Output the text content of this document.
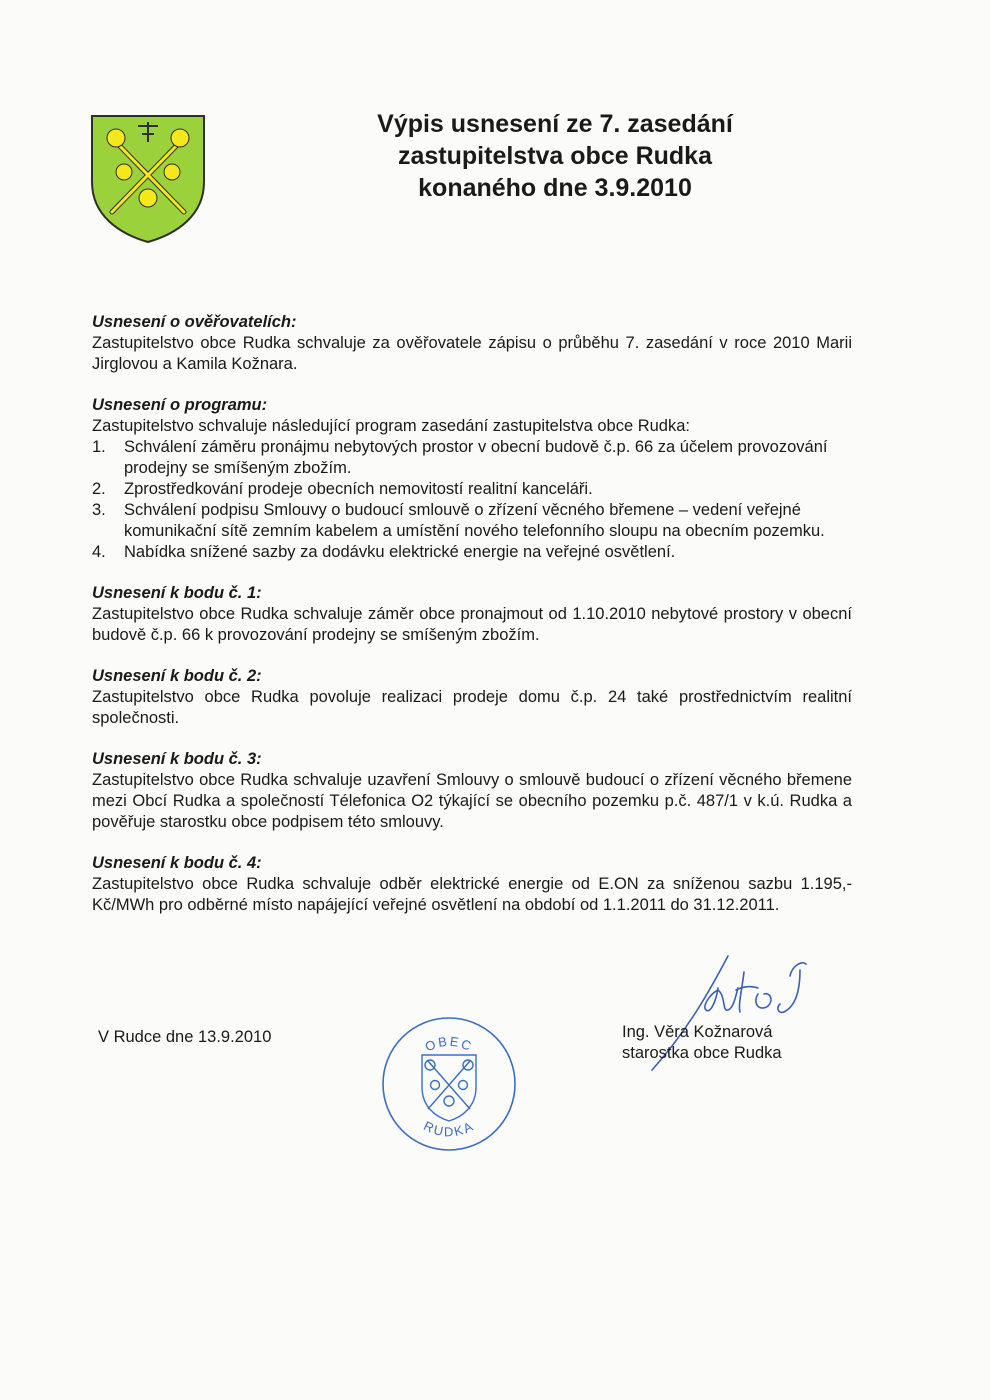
Výpis usnesení ze 7. zasedání
zastupitelstva obce Rudka
konaného dne 3.9.2010
Usnesení o ověřovatelích:

Zastupitelstvo obce Rudka schvaluje za ověřovatele zápisu o průběhu 7. zasedání v roce 2010 Marii Jirglovou a Kamila Kožnara.

Usnesení o programu:

Zastupitelstvo schvaluje následující program zasedání zastupitelstva obce Rudka:

1.	Schválení záměru pronájmu nebytových prostor v obecní budově č.p. 66 za účelem provozování prodejny se smíšeným zbožím.
2.	Zprostředkování prodeje obecních nemovitostí realitní kanceláři.
3.	Schválení podpisu Smlouvy o budoucí smlouvě o zřízení věcného břemene – vedení veřejné komunikační sítě zemním kabelem a umístění nového telefonního sloupu na obecním pozemku.
4.	Nabídka snížené sazby za dodávku elektrické energie na veřejné osvětlení.
Usnesení k bodu č. 1:

Zastupitelstvo obce Rudka schvaluje záměr obce pronajmout od 1.10.2010 nebytové prostory v obecní budově č.p. 66 k provozování prodejny se smíšeným zbožím.

Usnesení k bodu č. 2:

Zastupitelstvo obce Rudka povoluje realizaci prodeje domu č.p. 24 také prostřednictvím realitní společnosti.

Usnesení k bodu č. 3:

Zastupitelstvo obce Rudka schvaluje uzavření Smlouvy o smlouvě budoucí o zřízení věcného břemene mezi Obcí Rudka a společností Télefonica O2 týkající se obecního pozemku p.č. 487/1 v k.ú. Rudka a pověřuje starostku obce podpisem této smlouvy.

Usnesení k bodu č. 4:

Zastupitelstvo obce Rudka schvaluje odběr elektrické energie od E.ON za sníženou sazbu 1.195,- Kč/MWh pro odběrné místo napájející veřejné osvětlení na období od 1.1.2011 do 31.12.2011.

V Rudce dne 13.9.2010	OBEC
RUDKA
Ing. Věra Kožnarová
starostka obce Rudka
